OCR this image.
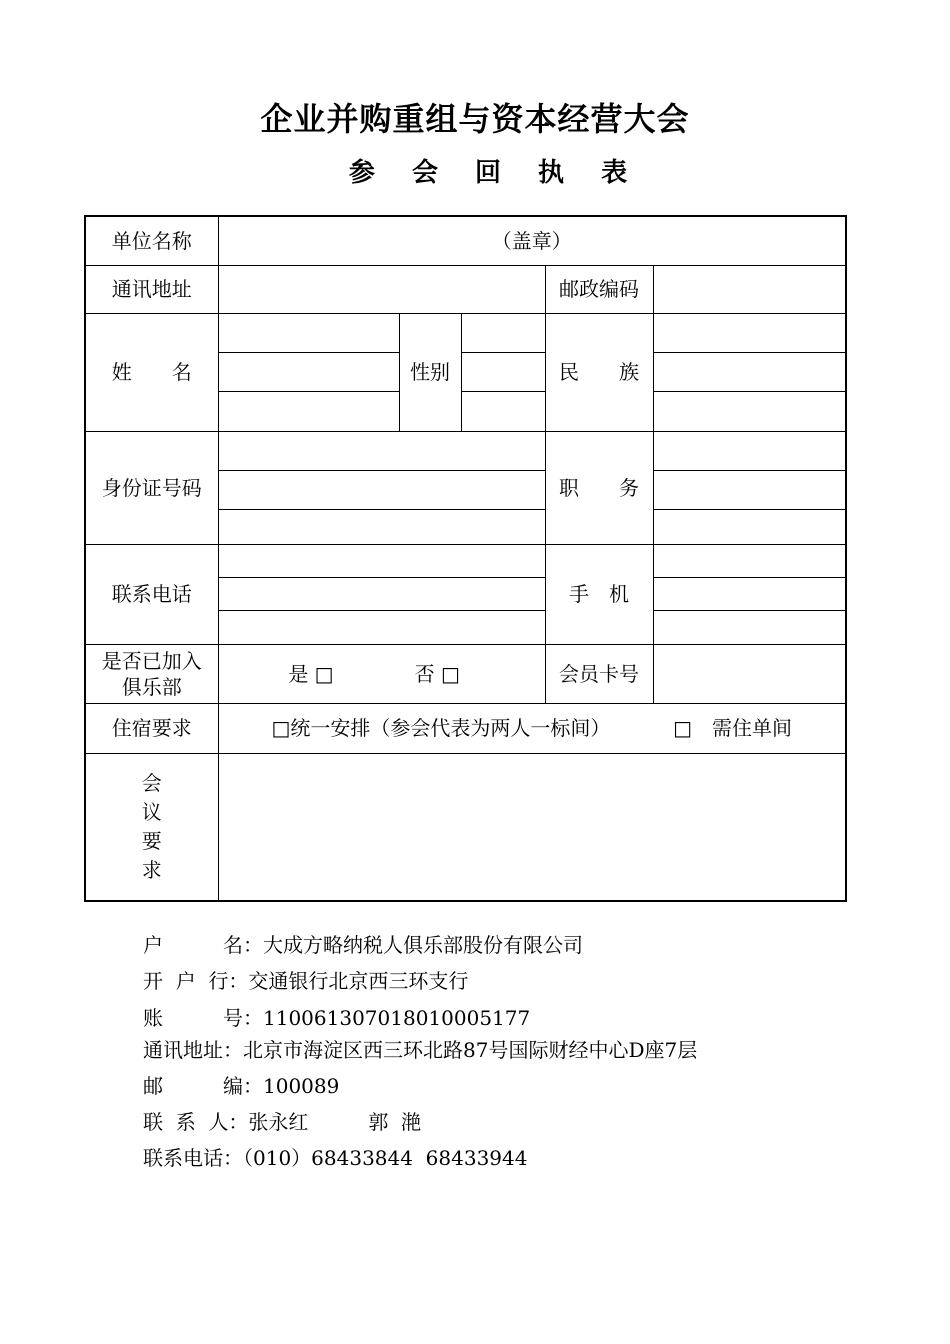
企业并购重组与资本经营大会
参 会 回 执 表
单位名称	（盖章）				
通讯地址				邮政编码	
姓　　名		性别		民　　族	

身份证号码				职　　务	

联系电话				手　机	

是否已加入
俱乐部	是 □ 否 □			会员卡号	
住宿要求	□统一安排（参会代表为两人一标间） □　需住单间				

会
议
要
求					

户　　　名：大成方略纳税人俱乐部股份有限公司
开  户  行：交通银行北京西三环支行
账　　　号：110061307018010005177
通讯地址：北京市海淀区西三环北路87号国际财经中心D座7层
邮　　　编：100089
联  系  人：张永红　　　郭  滟
联系电话：（010）68433844  68433944
